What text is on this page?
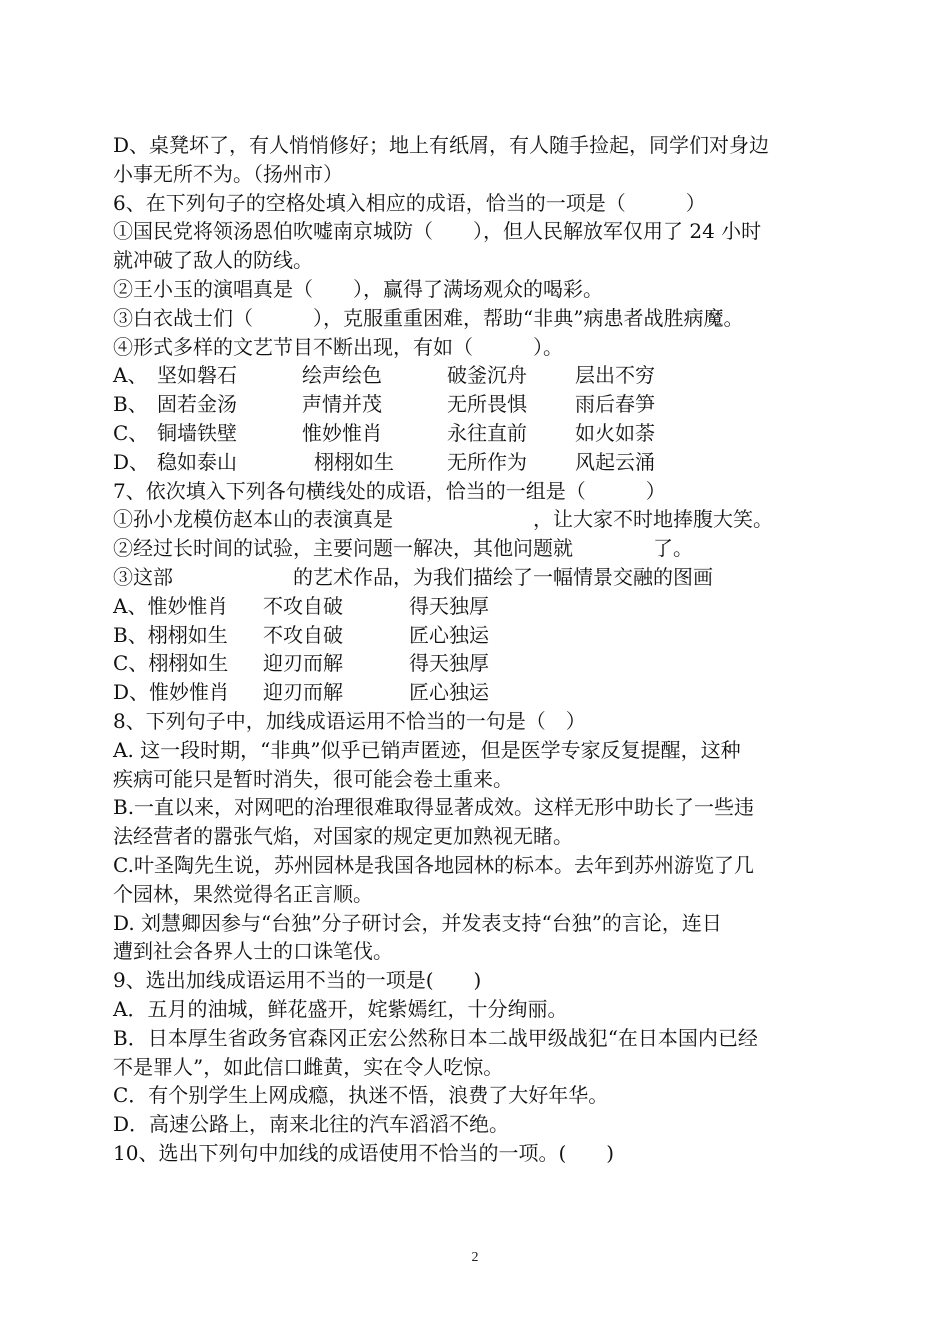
D、桌凳坏了，有人悄悄修好；地上有纸屑，有人随手捡起，同学们对身边
小事无所不为。（扬州市）
6、在下列句子的空格处填入相应的成语，恰当的一项是（　　　）
①国民党将领汤恩伯吹嘘南京城防（　　），但人民解放军仅用了 24 小时
就冲破了敌人的防线。
②王小玉的演唱真是（　　），赢得了满场观众的喝彩。
③白衣战士们（　　　），克服重重困难，帮助“非典”病患者战胜病魔。
④形式多样的文艺节目不断出现，有如（　　　）。
A、 坚如磐石	绘声绘色	破釜沉舟	层出不穷
B、 固若金汤	声情并茂	无所畏惧	雨后春笋
C、 铜墙铁壁	惟妙惟肖	永往直前	如火如荼
D、 稳如泰山	栩栩如生	无所作为	风起云涌
7、依次填入下列各句横线处的成语，恰当的一组是（　　　）
①孙小龙模仿赵本山的表演真是　　　　　　　，让大家不时地捧腹大笑。
②经过长时间的试验，主要问题一解决，其他问题就　　　　了。
③这部　　　　　　的艺术作品，为我们描绘了一幅情景交融的图画
A、惟妙惟肖	不攻自破	得天独厚
B、栩栩如生	不攻自破	匠心独运
C、栩栩如生	迎刃而解	得天独厚
D、惟妙惟肖	迎刃而解	匠心独运
8、下列句子中，加线成语运用不恰当的一句是（　）
A. 这一段时期，“非典”似乎已销声匿迹，但是医学专家反复提醒，这种
疾病可能只是暂时消失，很可能会卷土重来。
B.一直以来，对网吧的治理很难取得显著成效。这样无形中助长了一些违
法经营者的嚣张气焰，对国家的规定更加熟视无睹。
C.叶圣陶先生说，苏州园林是我国各地园林的标本。去年到苏州游览了几
个园林，果然觉得名正言顺。
D. 刘慧卿因参与“台独”分子研讨会，并发表支持“台独”的言论，连日
遭到社会各界人士的口诛笔伐。
9、选出加线成语运用不当的一项是(　　)
A．五月的油城，鲜花盛开，姹紫嫣红，十分绚丽。
B．日本厚生省政务官森冈正宏公然称日本二战甲级战犯“在日本国内已经
不是罪人”，如此信口雌黄，实在令人吃惊。
C．有个别学生上网成瘾，执迷不悟，浪费了大好年华。
D．高速公路上，南来北往的汽车滔滔不绝。
10、选出下列句中加线的成语使用不恰当的一项。(　　)
2
